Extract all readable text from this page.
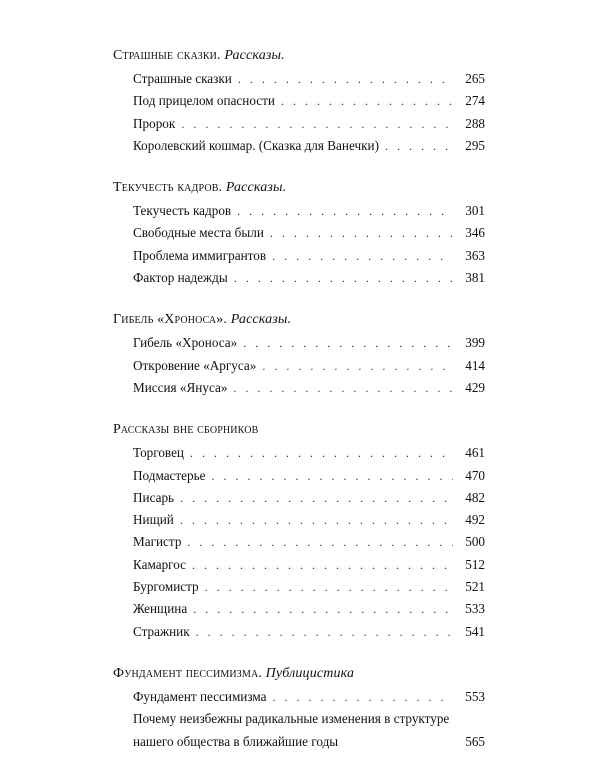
Страшные сказки. Рассказы.
Страшные сказки . . .	265
Под прицелом опасности . . .	274
Пророк . . .	288
Королевский кошмар. (Сказка для Ванечки) . . .	295
Текучесть кадров. Рассказы.
Текучесть кадров . . .	301
Свободные места были . . .	346
Проблема иммигрантов . . .	363
Фактор надежды . . .	381
Гибель «Хроноса». Рассказы.
Гибель «Хроноса» . . .	399
Откровение «Аргуса» . . .	414
Миссия «Януса» . . .	429
Рассказы вне сборников
Торговец . . .	461
Подмастерье . . .	470
Писарь . . .	482
Нищий . . .	492
Магистр . . .	500
Камаргос . . .	512
Бургомистр . . .	521
Женщина . . .	533
Стражник . . .	541
Фундамент пессимизма. Публицистика
Фундамент пессимизма . . .	553
Почему неизбежны радикальные изменения в структуре
нашего общества в ближайшие годы	565
